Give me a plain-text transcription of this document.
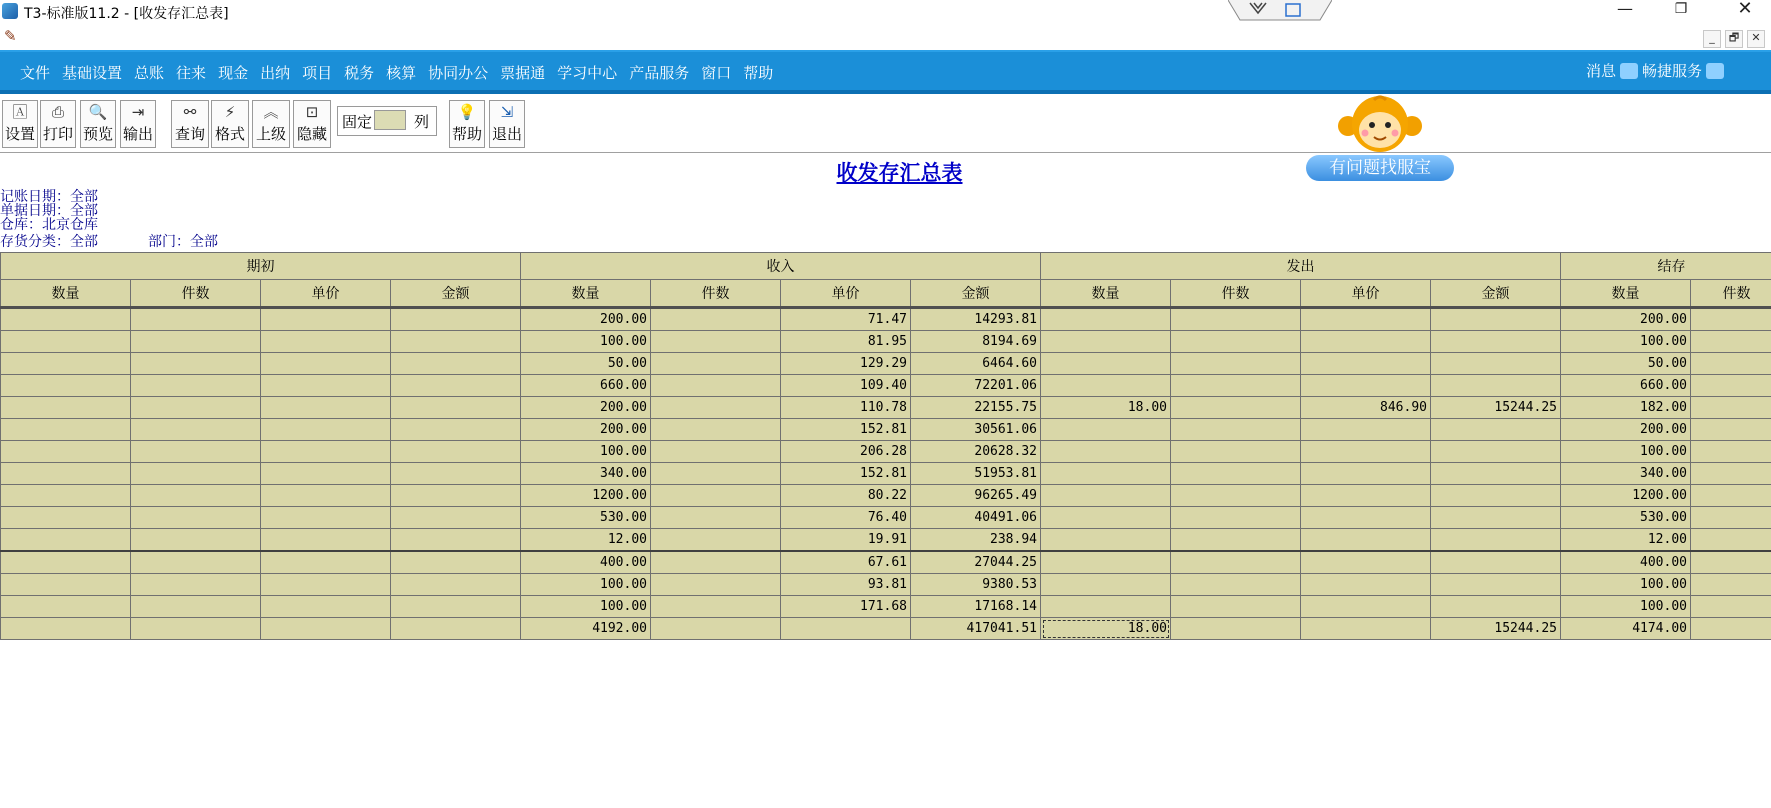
T3-标准版11.2 - [收发存汇总表]	—	❐	✕
✎	_	🗗	✕
文件 基础设置 总账 往来 现金 出纳 项目 税务 核算 协同办公 票据通 学习中心 产品服务 窗口 帮助	消息 畅捷服务
🄰
设置
⎙
打印
🔍
预览
⇥
输出
⚯
查询
⚡
格式
︽
上级
⊡
隐藏
固定	列
💡
帮助
⇲
退出
有问题找服宝
收发存汇总表
记账日期：全部
单据日期：全部
仓库：北京仓库
存货分类：全部	部门：全部
期初				收入				发出				结存	
数量	件数	单价	金额	数量	件数	单价	金额	数量	件数	单价	金额	数量	件数
				200.00		71.47	14293.81					200.00	
				100.00		81.95	8194.69					100.00	
				50.00		129.29	6464.60					50.00	
				660.00		109.40	72201.06					660.00	
				200.00		110.78	22155.75	18.00		846.90	15244.25	182.00	
				200.00		152.81	30561.06					200.00	
				100.00		206.28	20628.32					100.00	
				340.00		152.81	51953.81					340.00	
				1200.00		80.22	96265.49					1200.00	
				530.00		76.40	40491.06					530.00	
				12.00		19.91	238.94					12.00	
				400.00		67.61	27044.25					400.00	
				100.00		93.81	9380.53					100.00	
				100.00		171.68	17168.14					100.00	
				4192.00			417041.51	18.00			15244.25	4174.00	
